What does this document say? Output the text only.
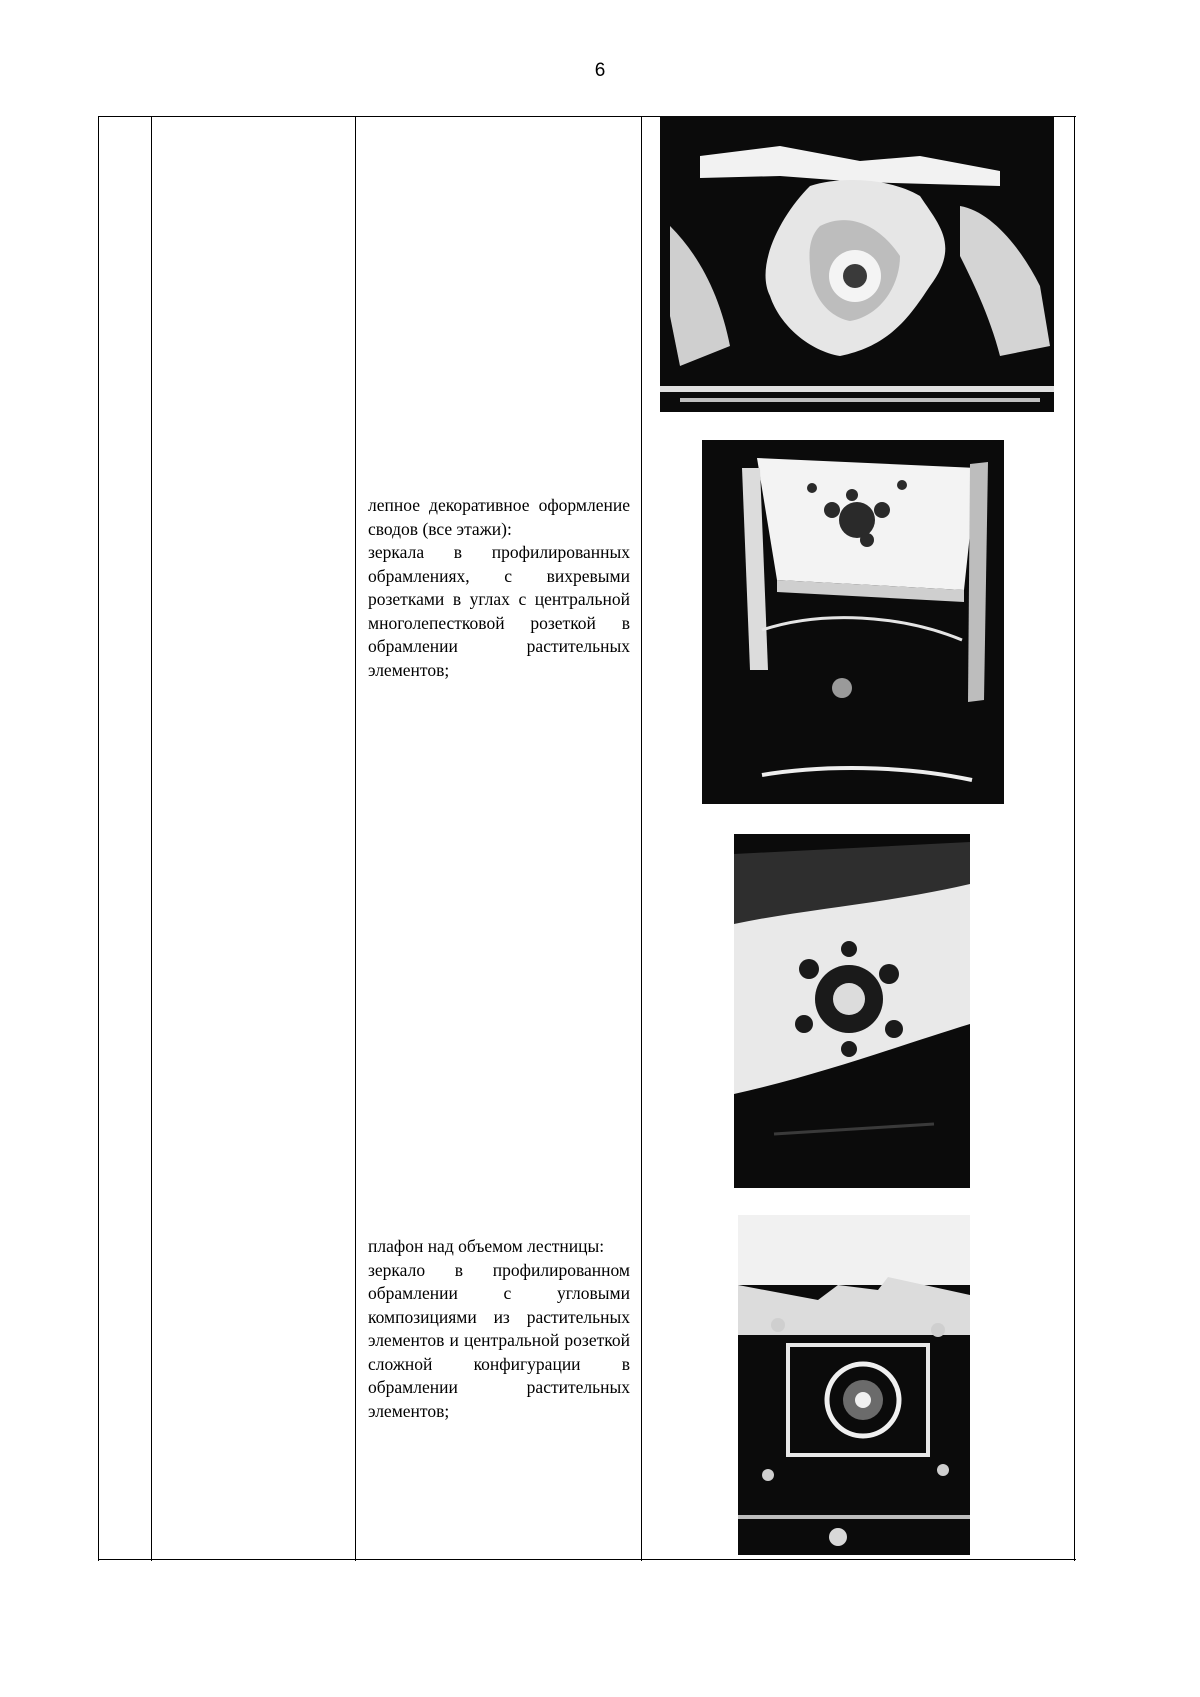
6

лепное декоративное оформление сводов (все этажи):

зеркала в профилированных обрамлениях, с вихревыми розетками в углах с центральной многолепестковой розеткой в обрамлении растительных элементов;

плафон над объемом лестницы:

зеркало в профилированном обрамлении с угловыми композициями из растительных элементов и центральной розеткой сложной конфигурации в обрамлении растительных элементов;
